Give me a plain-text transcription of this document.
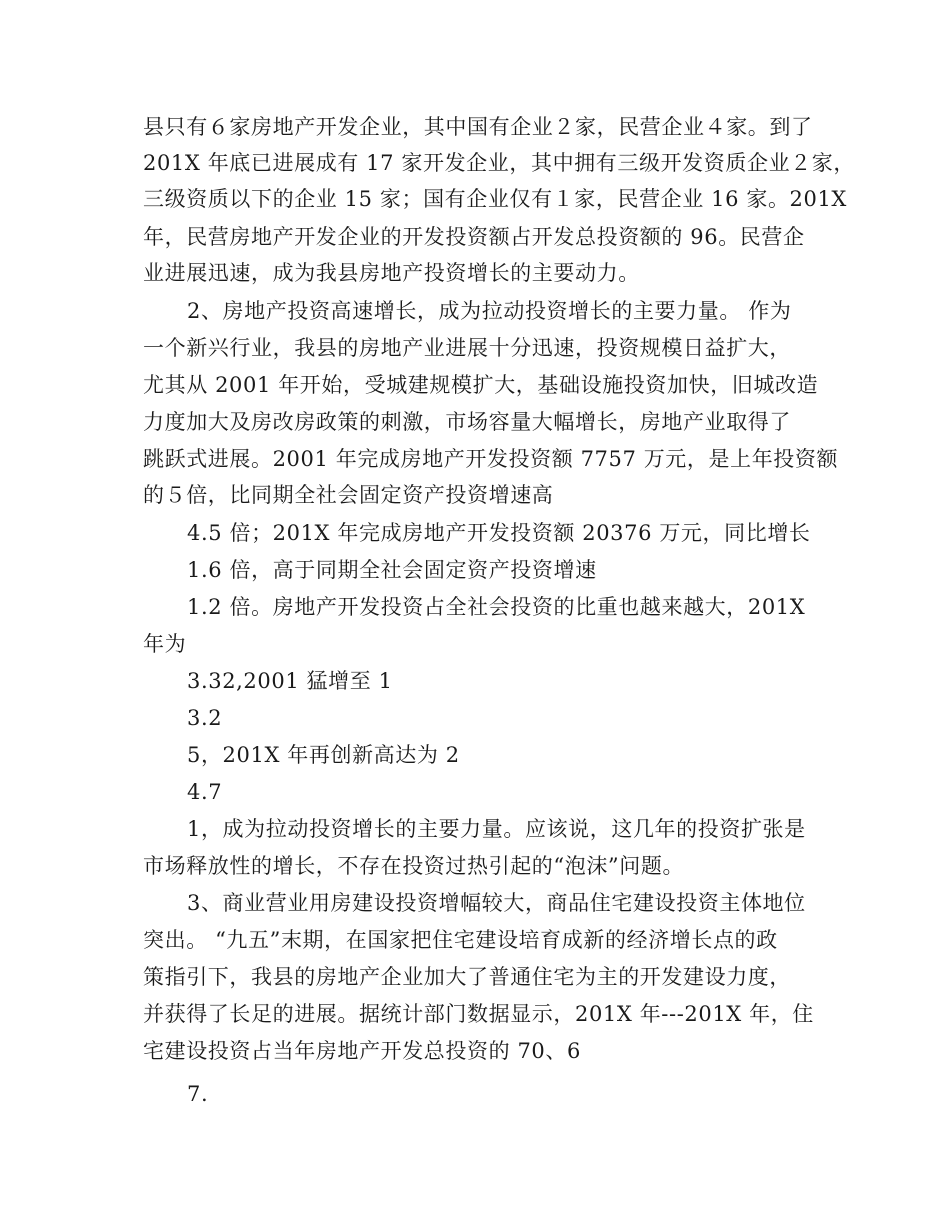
县只有６家房地产开发企业，其中国有企业２家，民营企业４家。到了
201X 年底已进展成有 17 家开发企业，其中拥有三级开发资质企业２家，
三级资质以下的企业 15 家；国有企业仅有１家，民营企业 16 家。201X
年，民营房地产开发企业的开发投资额占开发总投资额的 96。民营企
业进展迅速，成为我县房地产投资增长的主要动力。
2、房地产投资高速增长，成为拉动投资增长的主要力量。 作为
一个新兴行业，我县的房地产业进展十分迅速，投资规模日益扩大，
尤其从 2001 年开始，受城建规模扩大，基础设施投资加快，旧城改造
力度加大及房改房政策的刺激，市场容量大幅增长，房地产业取得了
跳跃式进展。2001 年完成房地产开发投资额 7757 万元，是上年投资额
的５倍，比同期全社会固定资产投资增速高
4.5 倍；201X 年完成房地产开发投资额 20376 万元，同比增长
1.6 倍，高于同期全社会固定资产投资增速
1.2 倍。房地产开发投资占全社会投资的比重也越来越大，201X
年为
3.32,2001 猛增至 1
3.2
5，201X 年再创新高达为 2
4.7
1，成为拉动投资增长的主要力量。应该说，这几年的投资扩张是
市场释放性的增长，不存在投资过热引起的“泡沫”问题。
3、商业营业用房建设投资增幅较大，商品住宅建设投资主体地位
突出。 “九五”末期，在国家把住宅建设培育成新的经济增长点的政
策指引下，我县的房地产企业加大了普通住宅为主的开发建设力度，
并获得了长足的进展。据统计部门数据显示，201X 年---201X 年，住
宅建设投资占当年房地产开发总投资的 70、6
7.
